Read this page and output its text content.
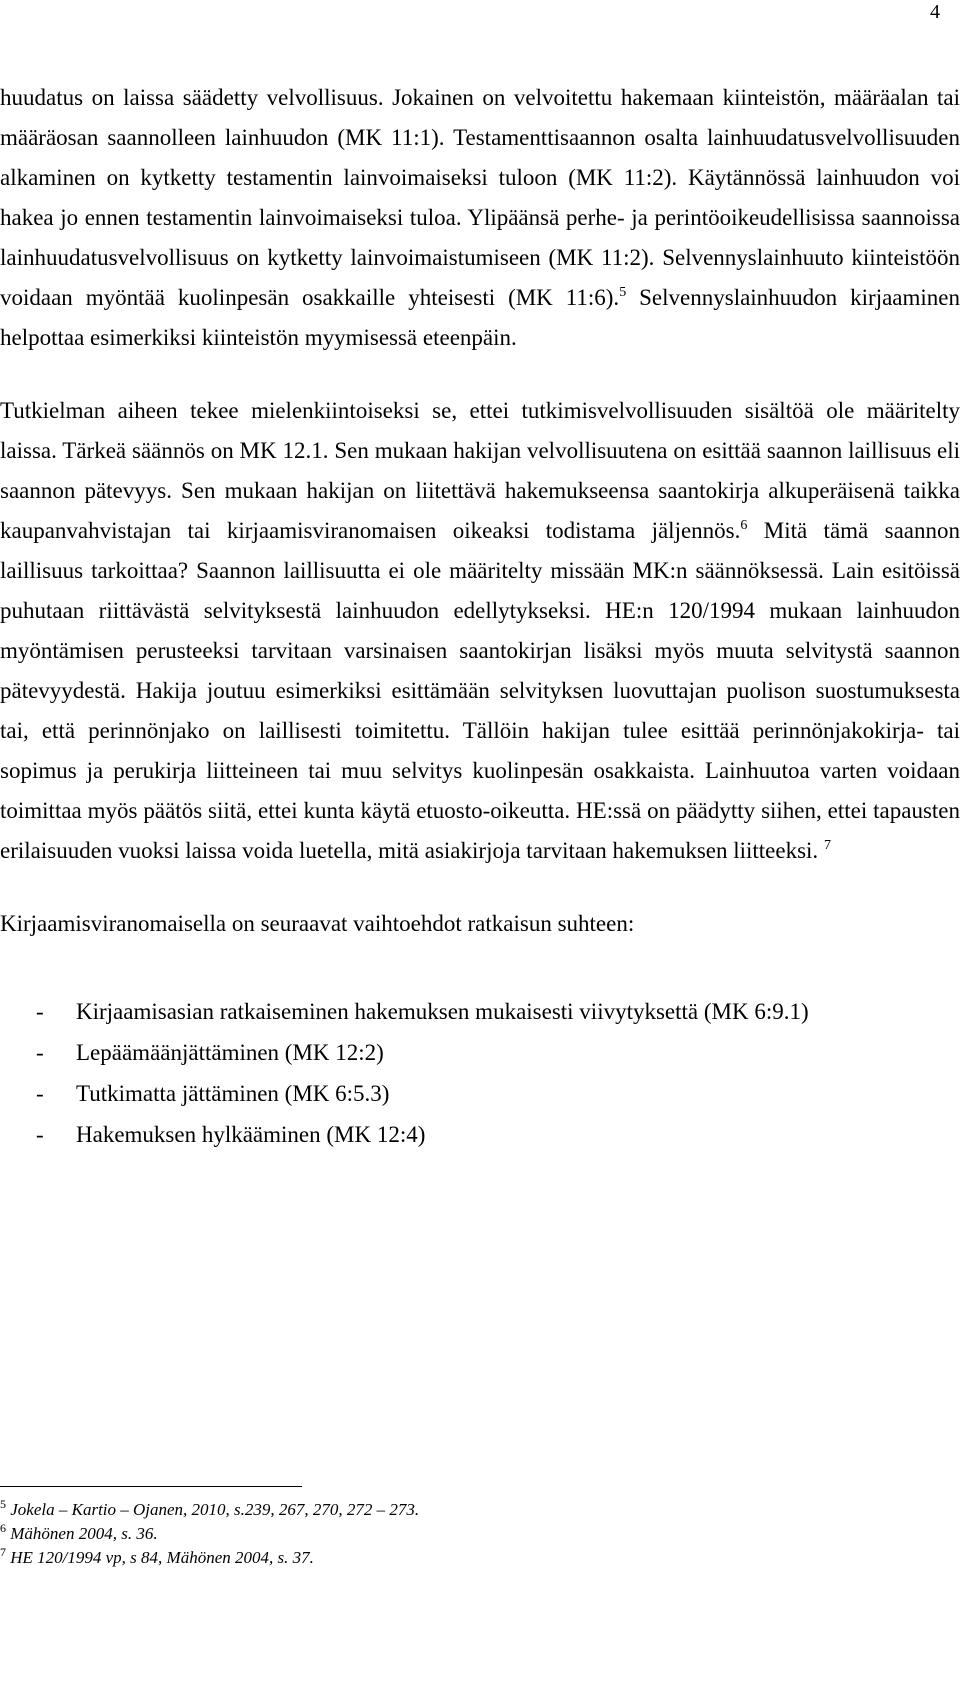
4

huudatus on laissa säädetty velvollisuus. Jokainen on velvoitettu hakemaan kiinteistön, määräalan tai määräosan saannolleen lainhuudon (MK 11:1). Testamenttisaannon osalta lainhuudatusvelvollisuuden alkaminen on kytketty testamentin lainvoimaiseksi tuloon (MK 11:2). Käytännössä lainhuudon voi hakea jo ennen testamentin lainvoimaiseksi tuloa. Ylipäänsä perhe- ja perintöoikeudellisissa saannoissa lainhuudatusvelvollisuus on kytketty lainvoimaistumiseen (MK 11:2). Selvennyslainhuuto kiinteistöön voidaan myöntää kuolinpesän osakkaille yhteisesti (MK 11:6).$^5$ Selvennyslainhuudon kirjaaminen helpottaa esimerkiksi kiinteistön myymisessä eteenpäin.

Tutkielman aiheen tekee mielenkiintoiseksi se, ettei tutkimisvelvollisuuden sisältöä ole määritelty laissa. Tärkeä säännös on MK 12.1. Sen mukaan hakijan velvollisuutena on esittää saannon laillisuus eli saannon pätevyys. Sen mukaan hakijan on liitettävä hakemukseensa saantokirja alkuperäisenä taikka kaupanvahvistajan tai kirjaamisviranomaisen oikeaksi todistama jäljennös.$^6$ Mitä tämä saannon laillisuus tarkoittaa? Saannon laillisuutta ei ole määritelty missään MK:n säännöksessä. Lain esitöissä puhutaan riittävästä selvityksestä lainhuudon edellytykseksi. HE:n 120/1994 mukaan lainhuudon myöntämisen perusteeksi tarvitaan varsinaisen saantokirjan lisäksi myös muuta selvitystä saannon pätevyydestä. Hakija joutuu esimerkiksi esittämään selvityksen luovuttajan puolison suostumuksesta tai, että perinnönjako on laillisesti toimitettu. Tällöin hakijan tulee esittää perinnönjakokirja- tai sopimus ja perukirja liitteineen tai muu selvitys kuolinpesän osakkaista. Lainhuutoa varten voidaan toimittaa myös päätös siitä, ettei kunta käytä etuosto-oikeutta. HE:ssä on päädytty siihen, ettei tapausten erilaisuuden vuoksi laissa voida luetella, mitä asiakirjoja tarvitaan hakemuksen liitteeksi. $^7$

Kirjaamisviranomaisella on seuraavat vaihtoehdot ratkaisun suhteen:

-	Kirjaamisasian ratkaiseminen hakemuksen mukaisesti viivytyksettä (MK 6:9.1)
-	Lepäämäänjättäminen (MK 12:2)
-	Tutkimatta jättäminen (MK 6:5.3)
-	Hakemuksen hylkääminen (MK 12:4)
$^5$ Jokela – Kartio – Ojanen, 2010, s.239, 267, 270, 272 – 273.
$^6$ Mähönen 2004, s. 36.
$^7$ HE 120/1994 vp, s 84, Mähönen 2004, s. 37.
